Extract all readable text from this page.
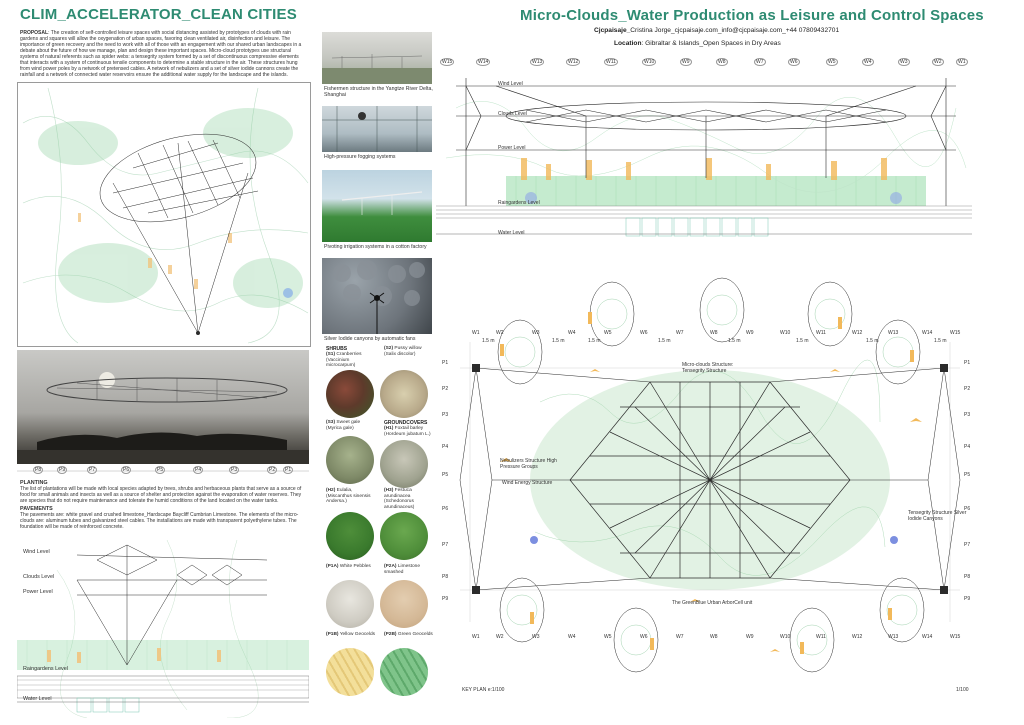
CLIM_ACCELERATOR_CLEAN CITIES
PROPOSAL: The creation of self-controlled leisure spaces with social distancing assisted by prototypes of clouds with rain gardens and squares will allow the oxygenation of urban spaces, favoring clean ventilated air, disinfection and leisure. The importance of green recovery and the need to work with all of those with an engagement with our shared urban landscapes in a debate about the future of how we manage, plan and design these important spaces. Micro-cloud prototypes use structural systems of natural referents such as spider webs: a tensegrity system formed by a set of discontinuous compressive elements that interacts with a system of continuous tensile components to determine a stable structure in the air. These structures hung from wind power poles by a network of pretensed cables. A network of nebulizers and a set of silver iodide cannons create the rainfall and a network of connected water reservoirs ensure the additional water supply for the landscape and the islands.
P8	P9	P7	P6	P5	P4	P3	P2	P1
PLANTING
The list of plantations will be made with local species adapted by trees, shrubs and herbaceous plants that serve as a source of food for small animals and insects as well as a source of shelter and protection against the evaporation of water reserves. They are species that do not require maintenance and tolerate the humid conditions of the land located on the water tanks.
PAVEMENTS
The pavements are: white gravel and crushed limestone_Hardscape Baycliff Cumbrian Limestone. The elements of the micro-clouds are: aluminum tubes and galvanized steel cables. The installations are made with transparent polyethylene tubes. The foundation will be made of reinforced concrete.
Wind Level
Clouds Level
Power Level
Raingardens Level
Water Level
Fishermen structure in the Yangtze River Delta, Shanghai
High-pressure fogging systems
Pivoting irrigation systems in a cotton factory
Silver Iodide canyons by automatic fans
SHRUBS
(S1) Cranberries (Vaccinium microcarpum)
(S2) Pussy willow (Salix discolor)
(S3) Sweet gale (Myrica gale)
GROUNDCOVERS
(H1) Foxtail barley (Hordeum jubatum L.)
(H2) Eulalia, (Miscanthus sinensis Andersa.)
(H3) Festuca arundinacea (Schedonorus arundinaceus)
(P1A) White Pebbles	(P2A) Limestone smashed
(P1B) Yellow Geocelds (P2B) Green Geocelds
Micro-Clouds_Water Production as Leisure and Control Spaces
Cjcpaisaje_Cristina Jorge_cjcpaisaje.com_info@cjcpaisaje.com_+44 07809432701
Location: Gibraltar & Islands_Open Spaces in Dry Areas
W15	W14	W13	W12	W11	W10	W9	W8	W7	W6	W5	W4	W3	W2	W1
Wind Level
Clouds Level
Power Level
Raingardens Level
Water Level
W1	W2	W3	W4	W5	W6	W7	W8	W9	W10	W11	W12	W13	W14	W15
1.5 m	1.5 m	1.5 m	1.5 m	1.5 m	1.5 m	1.5 m	1.5 m
P1
P2
P3
P4
P5
P6
P7
P8
P9
P1
P2
P3
P4
P5
P6
P7
P8
P9
W1	W2	W3	W4	W5	W6	W7	W8	W9	W10	W11	W12	W13	W14	W15
Micro-clouds Structure: Tensegrity Structure
Nebulizers Structure High Pressure Groups
Wind Energy Structure
Tensegrity Structure Silver Iodide Canyons
The GreenBlue Urban ArborCell unit
KEY PLAN e:1/100	1/100
